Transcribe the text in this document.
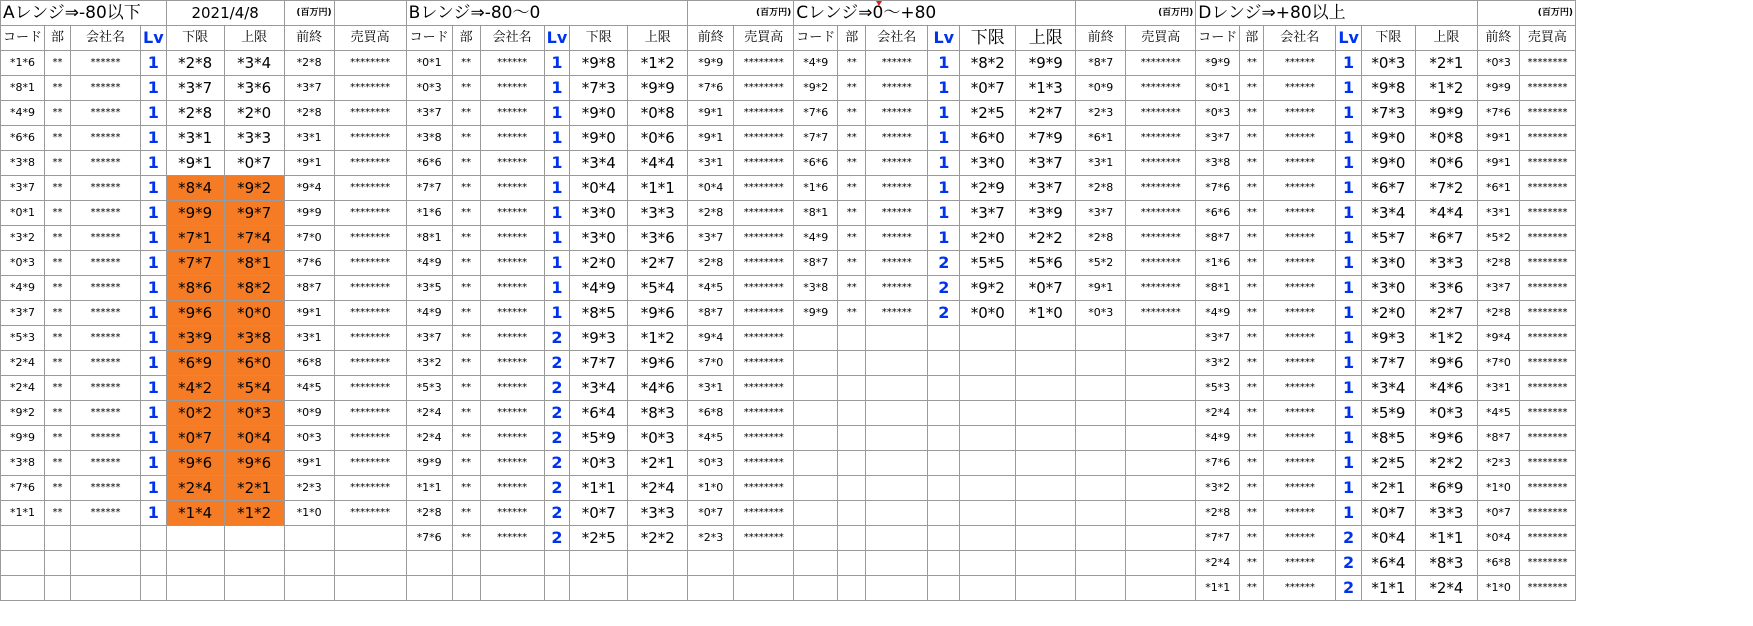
Aレンジ⇒-80以下				2021/4/8		(百万円)		Bレンジ⇒-80～0						(百万円)		Cレンジ⇒0～+80						(百万円)		Dレンジ⇒+80以上						(百万円)	
コード	部	会社名	Lv	下限	上限	前終	売買高	コード	部	会社名	Lv	下限	上限	前終	売買高	コード	部	会社名	Lv	下限	上限	前終	売買高	コード	部	会社名	Lv	下限	上限	前終	売買高
*1*6	**	******	1	*2*8	*3*4	*2*8	********	*0*1	**	******	1	*9*8	*1*2	*9*9	********	*4*9	**	******	1	*8*2	*9*9	*8*7	********	*9*9	**	******	1	*0*3	*2*1	*0*3	********
*8*1	**	******	1	*3*7	*3*6	*3*7	********	*0*3	**	******	1	*7*3	*9*9	*7*6	********	*9*2	**	******	1	*0*7	*1*3	*0*9	********	*0*1	**	******	1	*9*8	*1*2	*9*9	********
*4*9	**	******	1	*2*8	*2*0	*2*8	********	*3*7	**	******	1	*9*0	*0*8	*9*1	********	*7*6	**	******	1	*2*5	*2*7	*2*3	********	*0*3	**	******	1	*7*3	*9*9	*7*6	********
*6*6	**	******	1	*3*1	*3*3	*3*1	********	*3*8	**	******	1	*9*0	*0*6	*9*1	********	*7*7	**	******	1	*6*0	*7*9	*6*1	********	*3*7	**	******	1	*9*0	*0*8	*9*1	********
*3*8	**	******	1	*9*1	*0*7	*9*1	********	*6*6	**	******	1	*3*4	*4*4	*3*1	********	*6*6	**	******	1	*3*0	*3*7	*3*1	********	*3*8	**	******	1	*9*0	*0*6	*9*1	********
*3*7	**	******	1	*8*4	*9*2	*9*4	********	*7*7	**	******	1	*0*4	*1*1	*0*4	********	*1*6	**	******	1	*2*9	*3*7	*2*8	********	*7*6	**	******	1	*6*7	*7*2	*6*1	********
*0*1	**	******	1	*9*9	*9*7	*9*9	********	*1*6	**	******	1	*3*0	*3*3	*2*8	********	*8*1	**	******	1	*3*7	*3*9	*3*7	********	*6*6	**	******	1	*3*4	*4*4	*3*1	********
*3*2	**	******	1	*7*1	*7*4	*7*0	********	*8*1	**	******	1	*3*0	*3*6	*3*7	********	*4*9	**	******	1	*2*0	*2*2	*2*8	********	*8*7	**	******	1	*5*7	*6*7	*5*2	********
*0*3	**	******	1	*7*7	*8*1	*7*6	********	*4*9	**	******	1	*2*0	*2*7	*2*8	********	*8*7	**	******	2	*5*5	*5*6	*5*2	********	*1*6	**	******	1	*3*0	*3*3	*2*8	********
*4*9	**	******	1	*8*6	*8*2	*8*7	********	*3*5	**	******	1	*4*9	*5*4	*4*5	********	*3*8	**	******	2	*9*2	*0*7	*9*1	********	*8*1	**	******	1	*3*0	*3*6	*3*7	********
*3*7	**	******	1	*9*6	*0*0	*9*1	********	*4*9	**	******	1	*8*5	*9*6	*8*7	********	*9*9	**	******	2	*0*0	*1*0	*0*3	********	*4*9	**	******	1	*2*0	*2*7	*2*8	********
*5*3	**	******	1	*3*9	*3*8	*3*1	********	*3*7	**	******	2	*9*3	*1*2	*9*4	********									*3*7	**	******	1	*9*3	*1*2	*9*4	********
*2*4	**	******	1	*6*9	*6*0	*6*8	********	*3*2	**	******	2	*7*7	*9*6	*7*0	********									*3*2	**	******	1	*7*7	*9*6	*7*0	********
*2*4	**	******	1	*4*2	*5*4	*4*5	********	*5*3	**	******	2	*3*4	*4*6	*3*1	********									*5*3	**	******	1	*3*4	*4*6	*3*1	********
*9*2	**	******	1	*0*2	*0*3	*0*9	********	*2*4	**	******	2	*6*4	*8*3	*6*8	********									*2*4	**	******	1	*5*9	*0*3	*4*5	********
*9*9	**	******	1	*0*7	*0*4	*0*3	********	*2*4	**	******	2	*5*9	*0*3	*4*5	********									*4*9	**	******	1	*8*5	*9*6	*8*7	********
*3*8	**	******	1	*9*6	*9*6	*9*1	********	*9*9	**	******	2	*0*3	*2*1	*0*3	********									*7*6	**	******	1	*2*5	*2*2	*2*3	********
*7*6	**	******	1	*2*4	*2*1	*2*3	********	*1*1	**	******	2	*1*1	*2*4	*1*0	********									*3*2	**	******	1	*2*1	*6*9	*1*0	********
*1*1	**	******	1	*1*4	*1*2	*1*0	********	*2*8	**	******	2	*0*7	*3*3	*0*7	********									*2*8	**	******	1	*0*7	*3*3	*0*7	********
								*7*6	**	******	2	*2*5	*2*2	*2*3	********									*7*7	**	******	2	*0*4	*1*1	*0*4	********
																								*2*4	**	******	2	*6*4	*8*3	*6*8	********
																								*1*1	**	******	2	*1*1	*2*4	*1*0	********
